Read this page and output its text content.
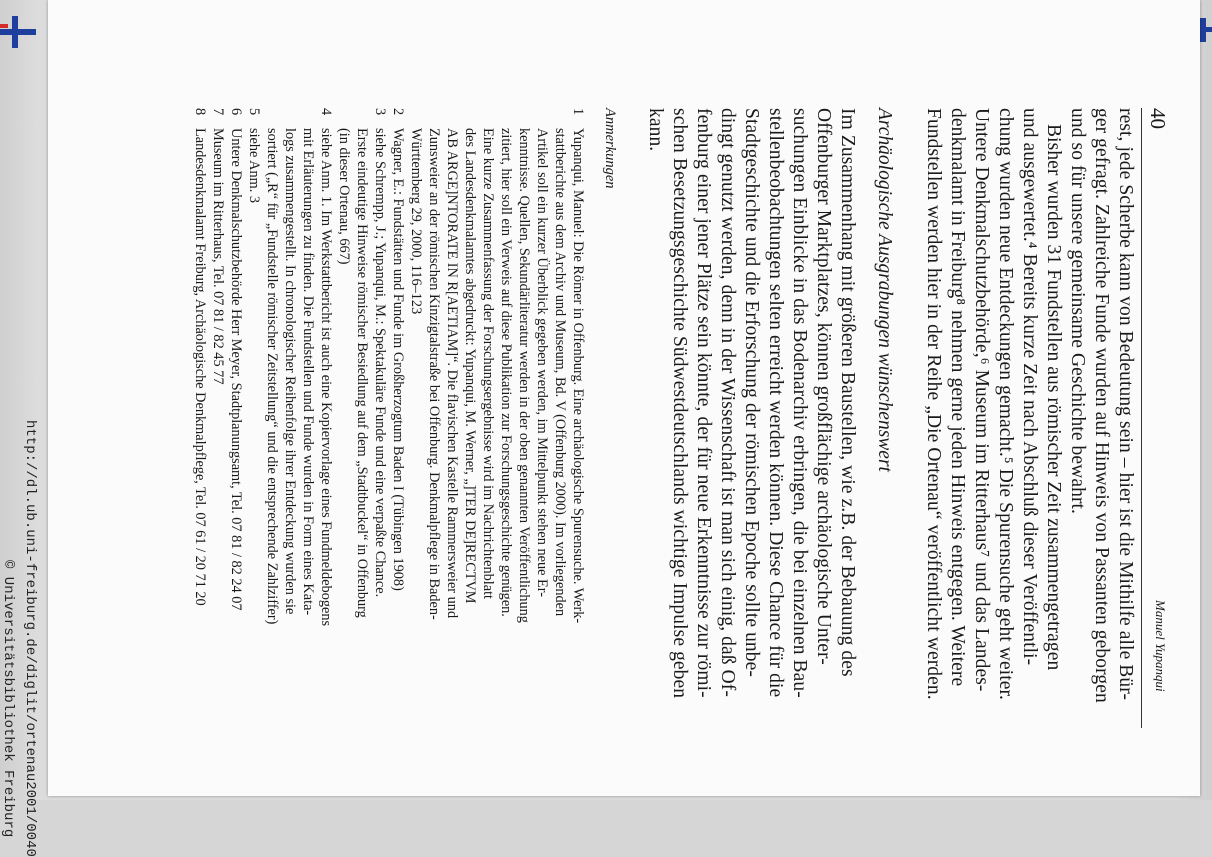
http://dl.ub.uni-freiburg.de/diglit/ortenau2001/0040
© Universitätsbibliothek Freiburg
40
Manuel Yupanqui
rest, jede Scherbe kann von Bedeutung sein – hier ist die Mithilfe alle Bür-
ger gefragt. Zahlreiche Funde wurden auf Hinweis von Passanten geborgen
und so für unsere gemeinsame Geschichte bewahrt.
Bisher wurden 31 Fundstellen aus römischer Zeit zusammengetragen
und ausgewertet.⁴ Bereits kurze Zeit nach Abschluß dieser Veröffentli-
chung wurden neue Entdeckungen gemacht.⁵ Die Spurensuche geht weiter.
Untere Denkmalschutzbehörde,⁶ Museum im Ritterhaus⁷ und das Landes-
denkmalamt in Freiburg⁸ nehmen gerne jeden Hinweis entgegen. Weitere
Fundstellen werden hier in der Reihe „Die Ortenau“ veröffentlicht werden.
Archäologische Ausgrabungen wünschenswert
Im Zusammenhang mit größeren Baustellen, wie z.B. der Bebauung des
Offenburger Marktplatzes, können großflächige archäologische Unter-
suchungen Einblicke in das Bodenarchiv erbringen, die bei einzelnen Bau-
stellenbeobachtungen selten erreicht werden können. Diese Chance für die
Stadtgeschichte und die Erforschung der römischen Epoche sollte unbe-
dingt genutzt werden, denn in der Wissenschaft ist man sich einig, daß Of-
fenburg einer jener Plätze sein könnte, der für neue Erkenntnisse zur römi-
schen Besetzungsgeschichte Südwestdeutschlands wichtige Impulse geben
kann.
Anmerkungen
1
Yupanqui, Manuel: Die Römer in Offenburg. Eine archäologische Spurensuche. Werk-
stattberichte aus dem Archiv und Museum, Bd. V (Offenburg 2000). Im vorliegenden
Artikel soll ein kurzer Überblick gegeben werden, im Mittelpunkt stehen neue Er-
kenntnisse. Quellen, Sekundärliteratur werden in der oben genannten Veröffentlichung
zitiert, hier soll ein Verweis auf diese Publikation zur Forschungsgeschichte genügen.
Eine kurze Zusammenfassung der Forschungsergebnisse wird im Nachrichtenblatt
des Landesdenkmalamtes abgedruckt: Yupanqui, M. Werner, „]TER DE]RECTVM
AB ARGE]NTORATE IN R[AETIAM]“. Die flavischen Kastelle Rammersweier und
Zunsweier an der römischen Kinzigtalstraße bei Offenburg. Denkmalpflege in Baden-
Württemberg 29, 2000, 116–123
2
Wagner, E.: Fundstätten und Funde im Großherzogtum Baden I (Tübingen 1908)
3
siehe Schrempp, J.; Yupanqui, M.: Spektakuläre Funde und eine verpaßte Chance.
Erste eindeutige Hinweise römischer Besiedlung auf dem „Stadtbuckel“ in Offenburg
(in dieser Ortenau, 667)
4
siehe Anm. 1. Im Werkstattbericht ist auch eine Kopiervorlage eines Fundmeldebogens
mit Erläuterungen zu finden. Die Fundstellen und Funde wurden in Form eines Kata-
logs zusammengestellt. In chronologischer Reihenfolge ihrer Entdeckung wurden sie
sortiert („R“ für „Fundstelle römischer Zeitstellung“ und die entsprechende Zahlziffer)
5
siehe Anm. 3
6
Untere Denkmalschutzbehörde Herr Meyer, Stadtplanungsamt, Tel. 07 81 / 82 24 07
7
Museum im Ritterhaus, Tel. 07 81 / 82 45 77
8
Landesdenkmalamt Freiburg, Archäologische Denkmalpflege, Tel. 07 61 / 20 71 20
